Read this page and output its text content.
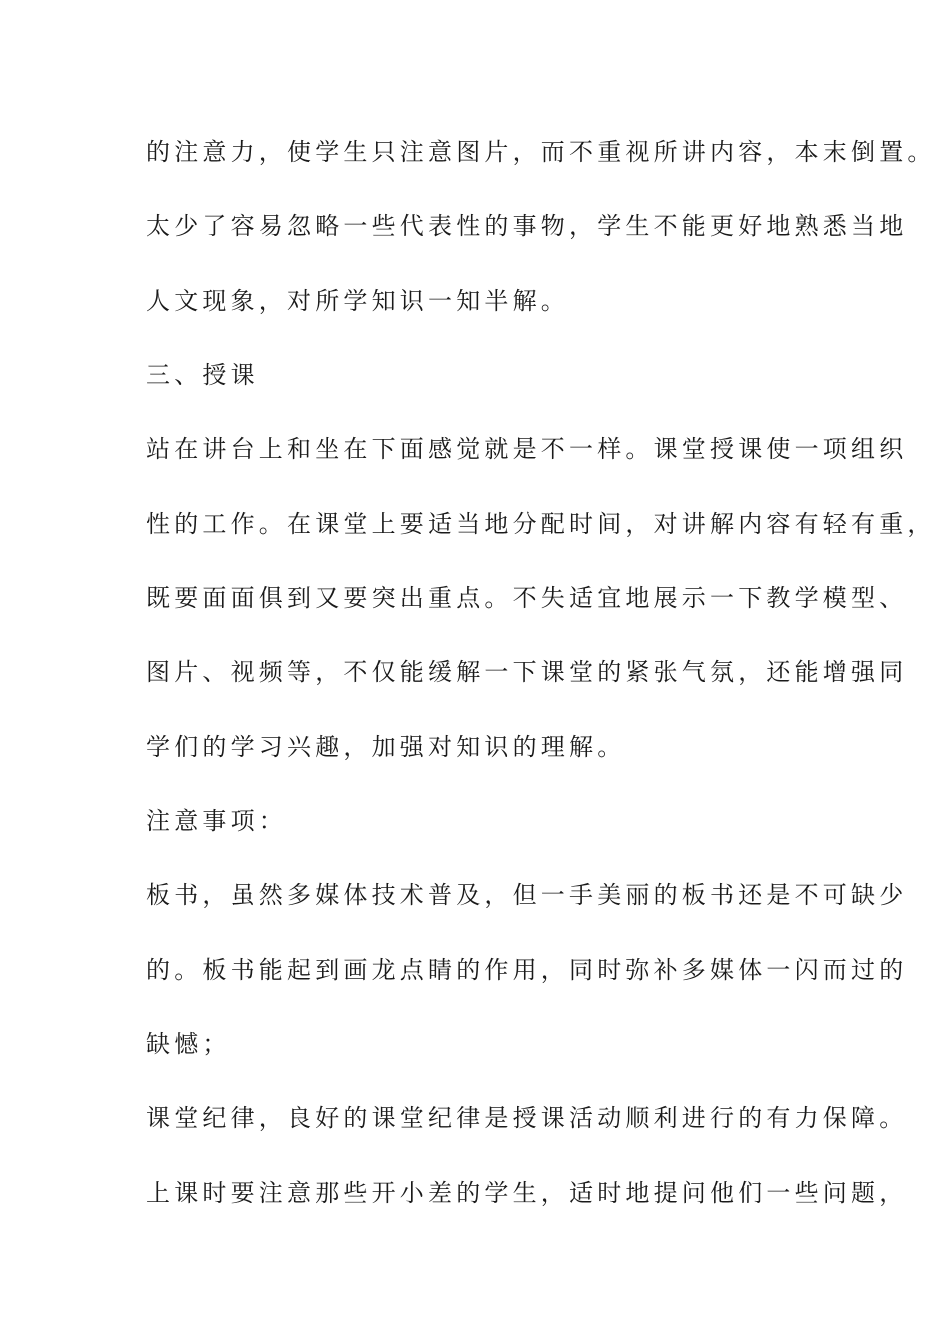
的注意力，使学生只注意图片，而不重视所讲内容，本末倒置。
太少了容易忽略一些代表性的事物，学生不能更好地熟悉当地
人文现象，对所学知识一知半解。
三、授课
站在讲台上和坐在下面感觉就是不一样。课堂授课使一项组织
性的工作。在课堂上要适当地分配时间，对讲解内容有轻有重，
既要面面俱到又要突出重点。不失适宜地展示一下教学模型、
图片、视频等，不仅能缓解一下课堂的紧张气氛，还能增强同
学们的学习兴趣，加强对知识的理解。
注意事项：
板书，虽然多媒体技术普及，但一手美丽的板书还是不可缺少
的。板书能起到画龙点睛的作用，同时弥补多媒体一闪而过的
缺憾；
课堂纪律，良好的课堂纪律是授课活动顺利进行的有力保障。
上课时要注意那些开小差的学生，适时地提问他们一些问题，
